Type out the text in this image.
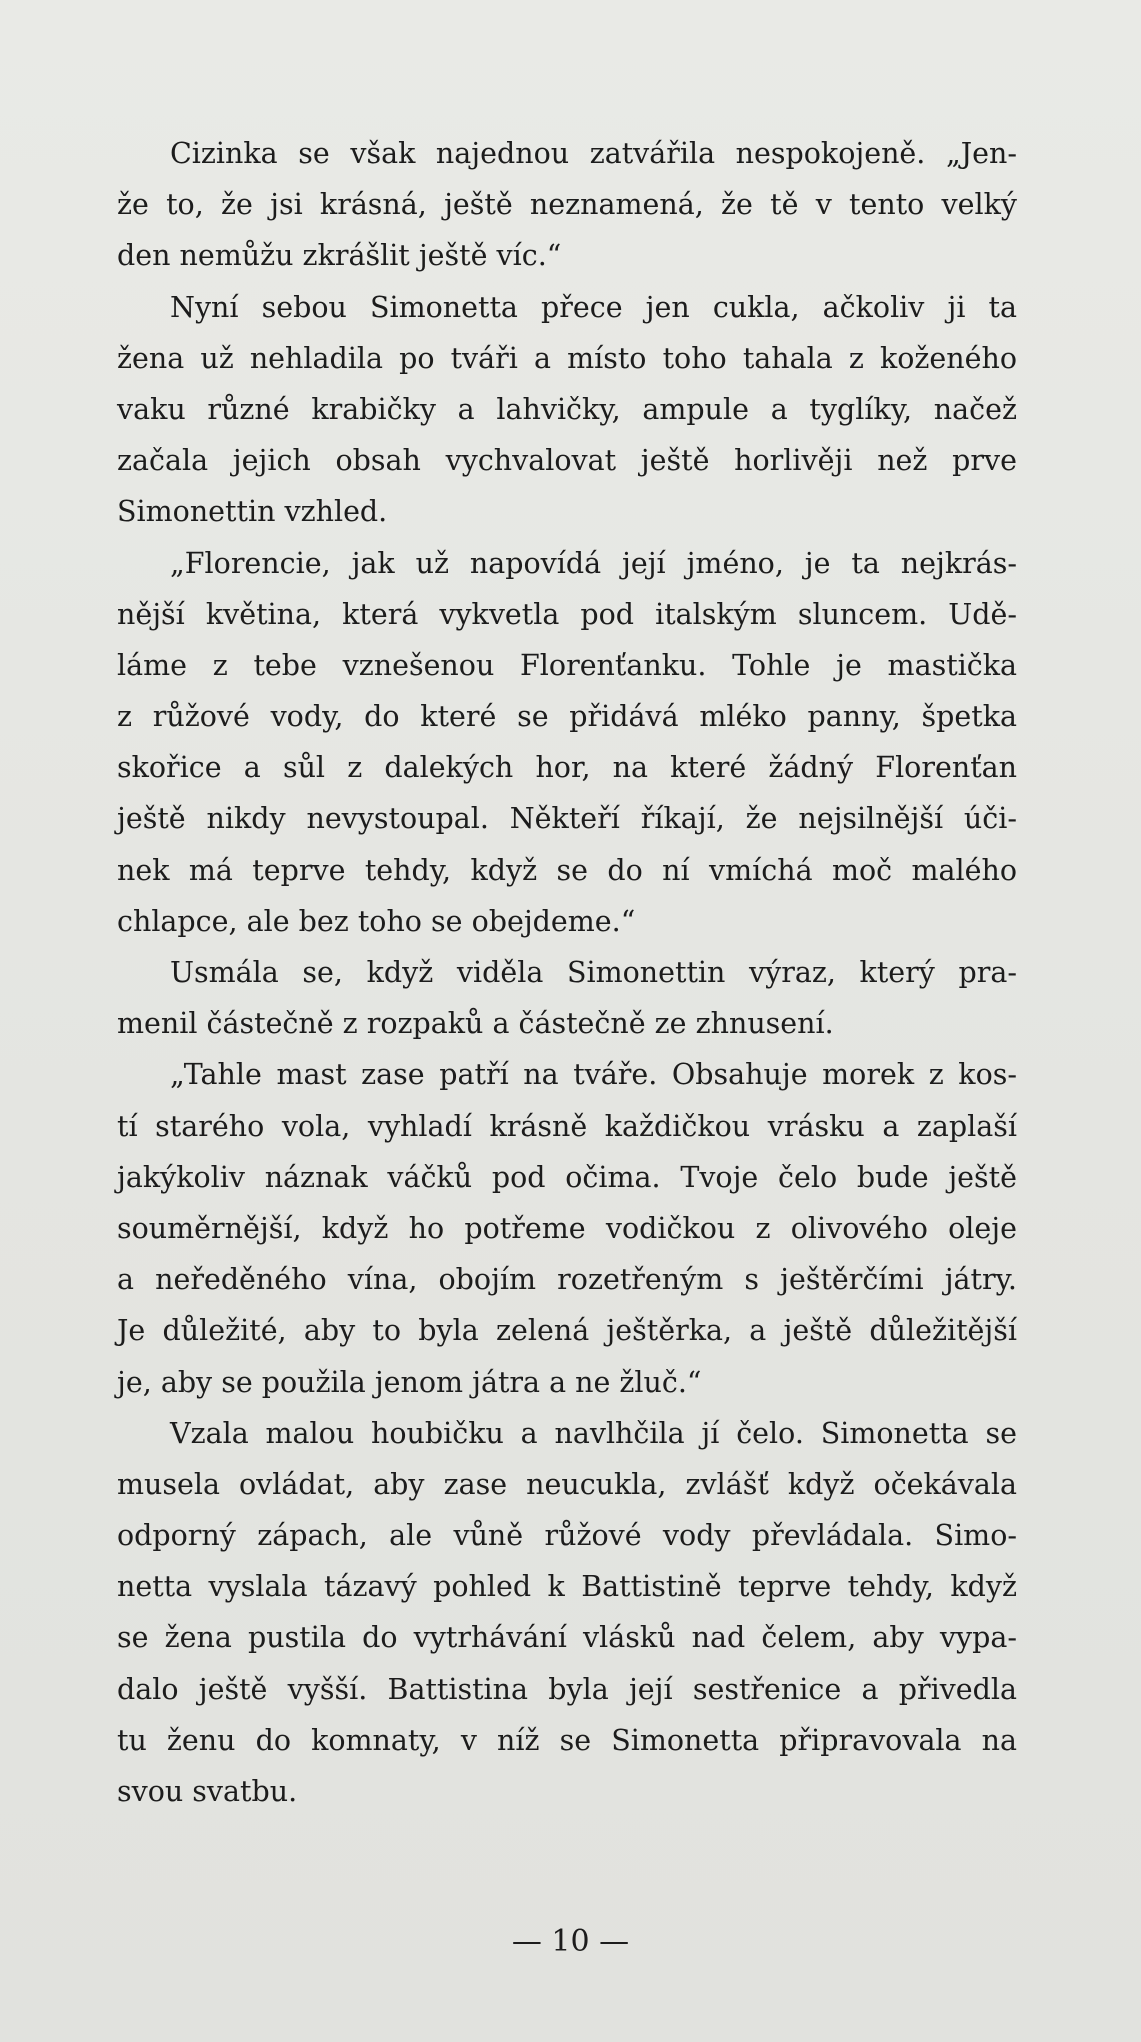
Cizinka se však najednou zatvářila nespokojeně. „Jen-
že to, že jsi krásná, ještě neznamená, že tě v tento velký
den nemůžu zkrášlit ještě víc.“
Nyní sebou Simonetta přece jen cukla, ačkoliv ji ta
žena už nehladila po tváři a místo toho tahala z koženého
vaku různé krabičky a lahvičky, ampule a tyglíky, načež
začala jejich obsah vychvalovat ještě horlivěji než prve
Simonettin vzhled.
„Florencie, jak už napovídá její jméno, je ta nejkrás-
nější květina, která vykvetla pod italským sluncem. Udě-
láme z tebe vznešenou Florenťanku. Tohle je mastička
z růžové vody, do které se přidává mléko panny, špetka
skořice a sůl z dalekých hor, na které žádný Florenťan
ještě nikdy nevystoupal. Někteří říkají, že nejsilnější úči-
nek má teprve tehdy, když se do ní vmíchá moč malého
chlapce, ale bez toho se obejdeme.“
Usmála se, když viděla Simonettin výraz, který pra-
menil částečně z rozpaků a částečně ze zhnusení.
„Tahle mast zase patří na tváře. Obsahuje morek z kos-
tí starého vola, vyhladí krásně každičkou vrásku a zaplaší
jakýkoliv náznak váčků pod očima. Tvoje čelo bude ještě
souměrnější, když ho potřeme vodičkou z olivového oleje
a neředěného vína, obojím rozetřeným s ještěrčími játry.
Je důležité, aby to byla zelená ještěrka, a ještě důležitější
je, aby se použila jenom játra a ne žluč.“
Vzala malou houbičku a navlhčila jí čelo. Simonetta se
musela ovládat, aby zase neucukla, zvlášť když očekávala
odporný zápach, ale vůně růžové vody převládala. Simo-
netta vyslala tázavý pohled k Battistině teprve tehdy, když
se žena pustila do vytrhávání vlásků nad čelem, aby vypa-
dalo ještě vyšší. Battistina byla její sestřenice a přivedla
tu ženu do komnaty, v níž se Simonetta připravovala na
svou svatbu.
— 10 —
